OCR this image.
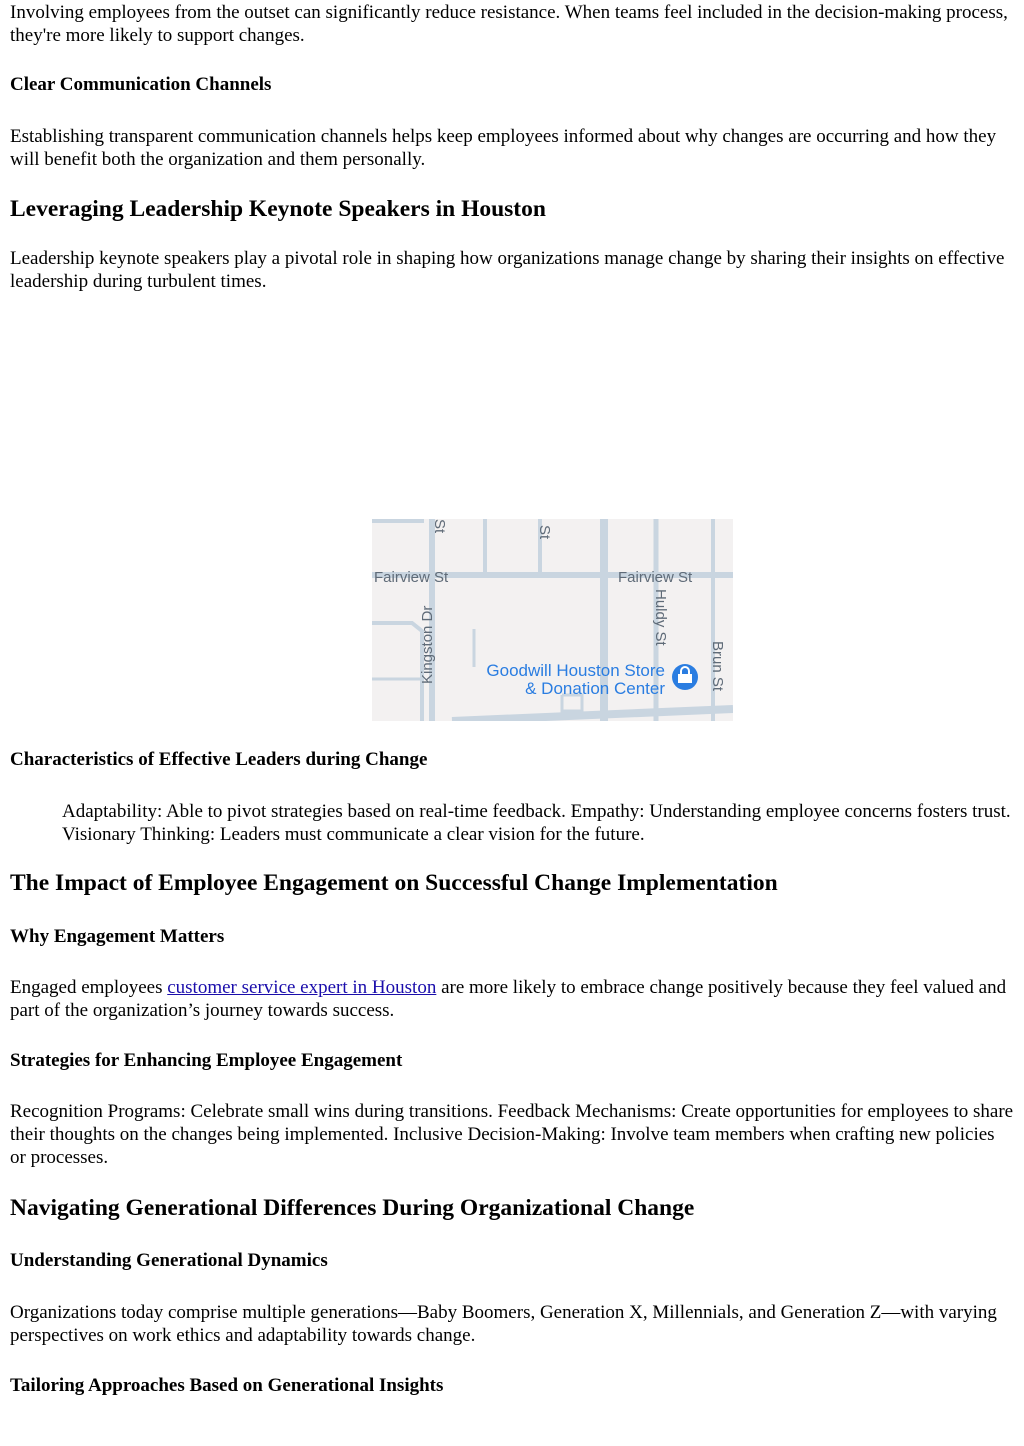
Involving employees from the outset can significantly reduce resistance. When teams feel included in the decision-making process, they're more likely to support changes.

Clear Communication Channels

Establishing transparent communication channels helps keep employees informed about why changes are occurring and how they will benefit both the organization and them personally.

Leveraging Leadership Keynote Speakers in Houston

Leadership keynote speakers play a pivotal role in shaping how organizations manage change by sharing their insights on effective leadership during turbulent times.

Fairview St	Fairview St
Kingston Dr	Huldy St
Brun St
St	St
Goodwill Houston Store
& Donation Center
Characteristics of Effective Leaders during Change

Adaptability: Able to pivot strategies based on real-time feedback. Empathy: Understanding employee concerns fosters trust. Visionary Thinking: Leaders must communicate a clear vision for the future.

The Impact of Employee Engagement on Successful Change Implementation
Why Engagement Matters

Engaged employees customer service expert in Houston are more likely to embrace change positively because they feel valued and part of the organization’s journey towards success.

Strategies for Enhancing Employee Engagement

Recognition Programs: Celebrate small wins during transitions. Feedback Mechanisms: Create opportunities for employees to share their thoughts on the changes being implemented. Inclusive Decision-Making: Involve team members when crafting new policies or processes.

Navigating Generational Differences During Organizational Change
Understanding Generational Dynamics

Organizations today comprise multiple generations—Baby Boomers, Generation X, Millennials, and Generation Z—with varying perspectives on work ethics and adaptability towards change.

Tailoring Approaches Based on Generational Insights
